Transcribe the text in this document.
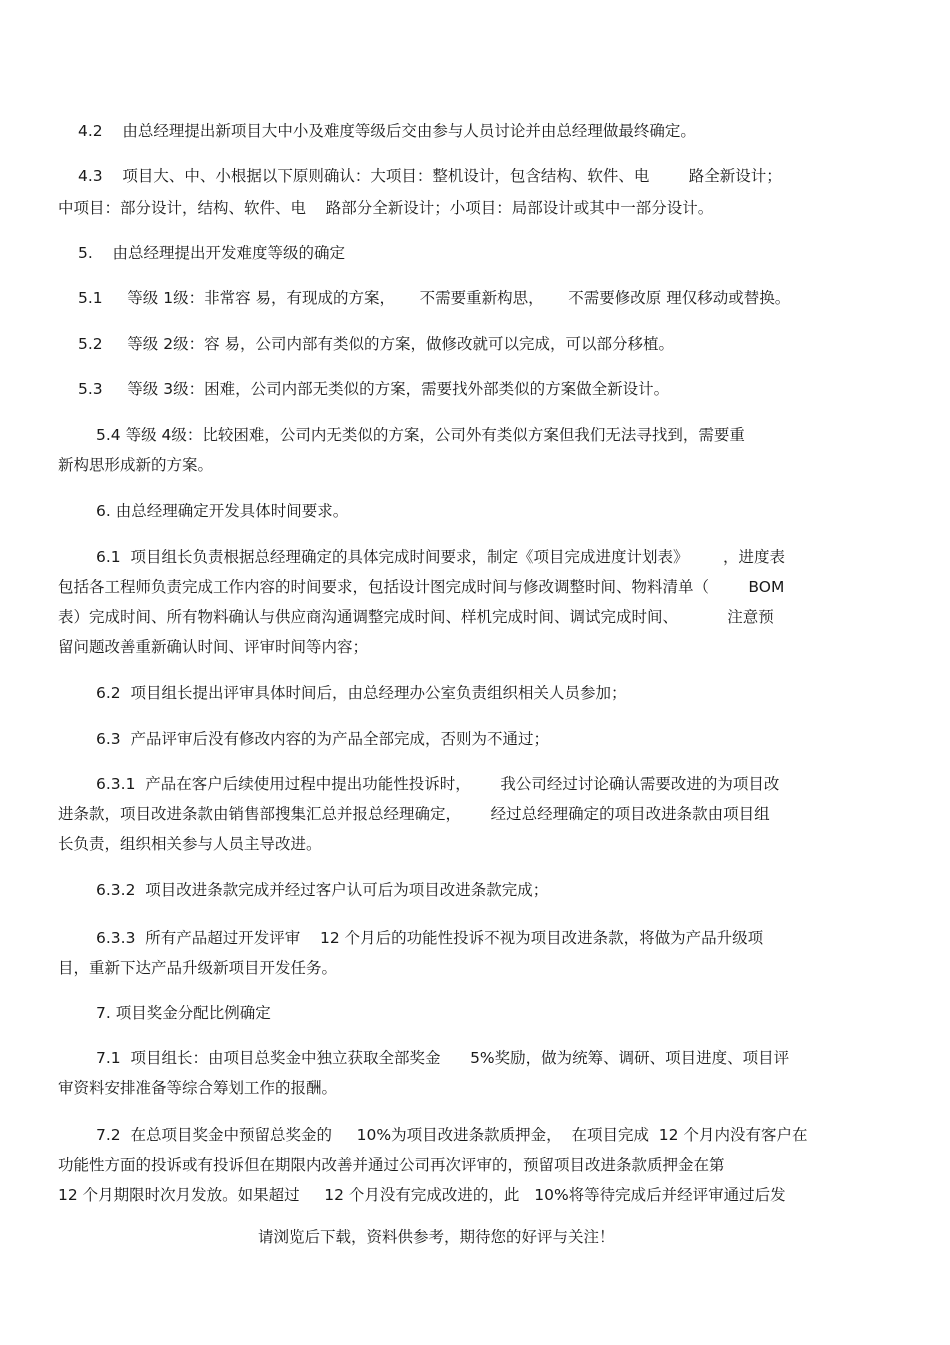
4.2    由总经理提出新项目大中小及难度等级后交由参与人员讨论并由总经理做最终确定。
4.3    项目大、中、小根据以下原则确认：大项目：整机设计，包含结构、软件、电        路全新设计；
中项目：部分设计，结构、软件、电    路部分全新设计；小项目：局部设计或其中一部分设计。
5.    由总经理提出开发难度等级的确定
5.1     等级 1级：非常容 易，有现成的方案，     不需要重新构思，     不需要修改原 理仅移动或替换。
5.2     等级 2级：容 易，公司内部有类似的方案，做修改就可以完成，可以部分移植。
5.3     等级 3级：困难，公司内部无类似的方案，需要找外部类似的方案做全新设计。
5.4 等级 4级：比较困难，公司内无类似的方案，公司外有类似方案但我们无法寻找到，需要重
新构思形成新的方案。
6. 由总经理确定开发具体时间要求。
6.1  项目组长负责根据总经理确定的具体完成时间要求，制定《项目完成进度计划表》       ，进度表
包括各工程师负责完成工作内容的时间要求，包括设计图完成时间与修改调整时间、物料清单（        BOM
表）完成时间、所有物料确认与供应商沟通调整完成时间、样机完成时间、调试完成时间、          注意预
留问题改善重新确认时间、评审时间等内容；
6.2  项目组长提出评审具体时间后，由总经理办公室负责组织相关人员参加；
6.3  产品评审后没有修改内容的为产品全部完成，否则为不通过；
6.3.1  产品在客户后续使用过程中提出功能性投诉时，      我公司经过讨论确认需要改进的为项目改
进条款，项目改进条款由销售部搜集汇总并报总经理确定，      经过总经理确定的项目改进条款由项目组
长负责，组织相关参与人员主导改进。
6.3.2  项目改进条款完成并经过客户认可后为项目改进条款完成；
6.3.3  所有产品超过开发评审    12 个月后的功能性投诉不视为项目改进条款，将做为产品升级项
目，重新下达产品升级新项目开发任务。
7. 项目奖金分配比例确定
7.1  项目组长：由项目总奖金中独立获取全部奖金      5%奖励，做为统筹、调研、项目进度、项目评
审资料安排准备等综合筹划工作的报酬。
7.2  在总项目奖金中预留总奖金的     10%为项目改进条款质押金，  在项目完成  12 个月内没有客户在
功能性方面的投诉或有投诉但在期限内改善并通过公司再次评审的，预留项目改进条款质押金在第
12 个月期限时次月发放。如果超过     12 个月没有完成改进的，此   10%将等待完成后并经评审通过后发
请浏览后下载，资料供参考，期待您的好评与关注！
